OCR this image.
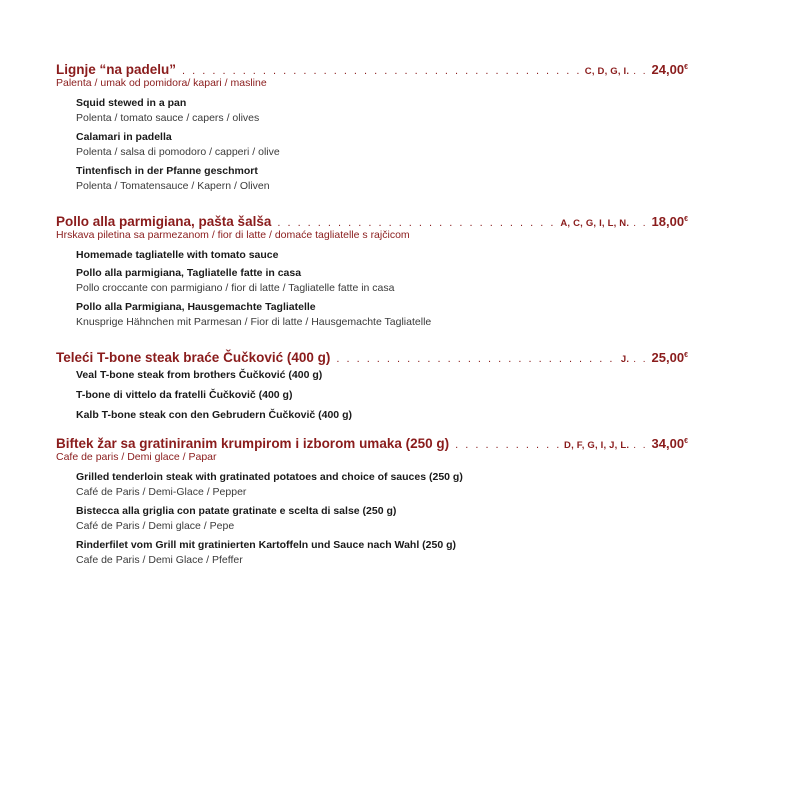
Lignje “na padelu” . . .	C, D, G, I. . . 24,00€
Palenta / umak od pomidora/ kapari / masline
Squid stewed in a pan
Polenta / tomato sauce / capers / olives
Calamari in padella
Polenta / salsa di pomodoro / capperi / olive
Tintenfisch in der Pfanne geschmort
Polenta / Tomatensauce / Kapern / Oliven
Pollo alla parmigiana, pašta šalša . . .	A, C, G, I, L, N. . . 18,00€
Hrskava piletina sa parmezanom / fior di latte / domaće tagliatelle s rajčicom
Homemade tagliatelle with tomato sauce
Pollo alla parmigiana, Tagliatelle fatte in casa
Pollo croccante con parmigiano / fior di latte / Tagliatelle fatte in casa
Pollo alla Parmigiana, Hausgemachte Tagliatelle
Knusprige Hähnchen mit Parmesan / Fior di latte / Hausgemachte Tagliatelle
Teleći T-bone steak braće Čučković (400 g) . . .	J. . . 25,00€
Veal T-bone steak from brothers Čučković (400 g)
T-bone di vittelo da fratelli Čučkovič (400 g)
Kalb T-bone steak con den Gebrudern Čučkovič (400 g)
Biftek žar sa gratiniranim krumpirom i izborom umaka (250 g) . . .	D, F, G, I, J, L. . . 34,00€
Cafe de paris / Demi glace / Papar
Grilled tenderloin steak with gratinated potatoes and choice of sauces (250 g)
Café de Paris / Demi-Glace / Pepper
Bistecca alla griglia con patate gratinate e scelta di salse (250 g)
Café de Paris / Demi glace / Pepe
Rinderfilet vom Grill mit gratinierten Kartoffeln und Sauce nach Wahl (250 g)
Cafe de Paris / Demi Glace / Pfeffer
